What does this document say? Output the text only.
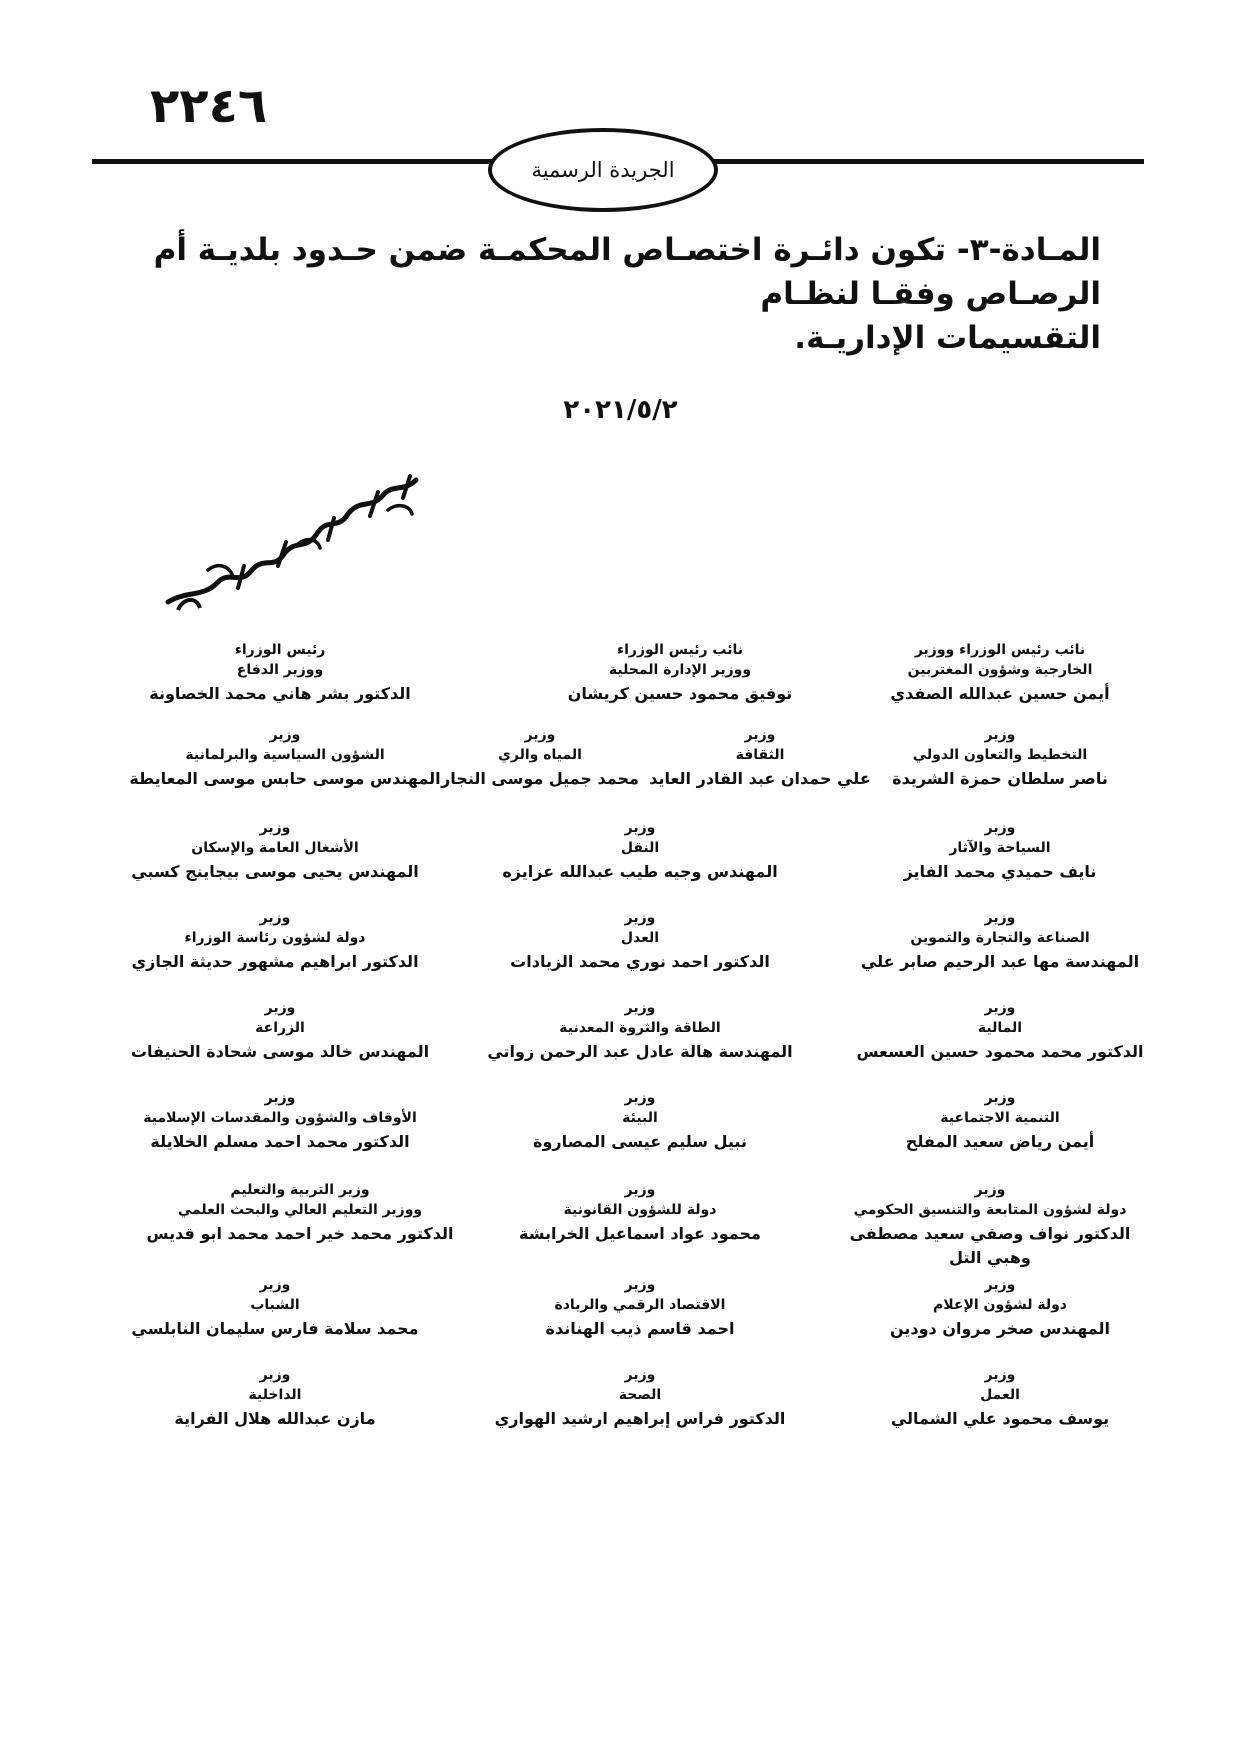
٢٢٤٦
الجريدة الرسمية
المـادة-٣- تكون دائـرة اختصـاص المحكمـة ضمن حـدود بلديـة أم الرصـاص وفقـا لنظـام
التقسيمات الإداريـة.
٢٠٢١/٥/٢
نائب رئيس الوزراء ووزير
الخارجية وشؤون المغتربين
أيمن حسين عبدالله الصفدي
نائب رئيس الوزراء
ووزير الإدارة المحلية
توفيق محمود حسين كريشان
رئيس الوزراء
ووزير الدفاع
الدكتور بشر هاني محمد الخصاونة
وزير
التخطيط والتعاون الدولي
ناصر سلطان حمزة الشريدة
وزير
الثقافة
علي حمدان عبد القادر العايد
وزير
المياه والري
محمد جميل موسى النجار
وزير
الشؤون السياسية والبرلمانية
المهندس موسى حابس موسى المعايطة
وزير
السياحة والآثار
نايف حميدي محمد الفايز
وزير
النقل
المهندس وجيه طيب عبدالله عزايزه
وزير
الأشغال العامة والإسكان
المهندس يحيى موسى بيجاينج كسبي
وزير
الصناعة والتجارة والتموين
المهندسة مها عبد الرحيم صابر علي
وزير
العدل
الدكتور احمد نوري محمد الزيادات
وزير
دولة لشؤون رئاسة الوزراء
الدكتور ابراهيم مشهور حديثة الجازي
وزير
المالية
الدكتور محمد محمود حسين العسعس
وزير
الطاقة والثروة المعدنية
المهندسة هالة عادل عبد الرحمن زواتي
وزير
الزراعة
المهندس خالد موسى شحادة الحنيفات
وزير
التنمية الاجتماعية
أيمن رياض سعيد المفلح
وزير
البيئة
نبيل سليم عيسى المصاروة
وزير
الأوقاف والشؤون والمقدسات الإسلامية
الدكتور محمد احمد مسلم الخلايلة
وزير
دولة لشؤون المتابعة والتنسيق الحكومي
الدكتور نواف وصفي سعيد مصطفى وهبي التل
وزير
دولة للشؤون القانونية
محمود عواد اسماعيل الخرابشة
وزير التربية والتعليم
ووزير التعليم العالي والبحث العلمي
الدكتور محمد خير احمد محمد ابو قديس
وزير
دولة لشؤون الإعلام
المهندس صخر مروان دودين
وزير
الاقتصاد الرقمي والريادة
احمد قاسم ذيب الهناندة
وزير
الشباب
محمد سلامة فارس سليمان النابلسي
وزير
العمل
يوسف محمود علي الشمالي
وزير
الصحة
الدكتور فراس إبراهيم ارشيد الهواري
وزير
الداخلية
مازن عبدالله هلال الفراية
